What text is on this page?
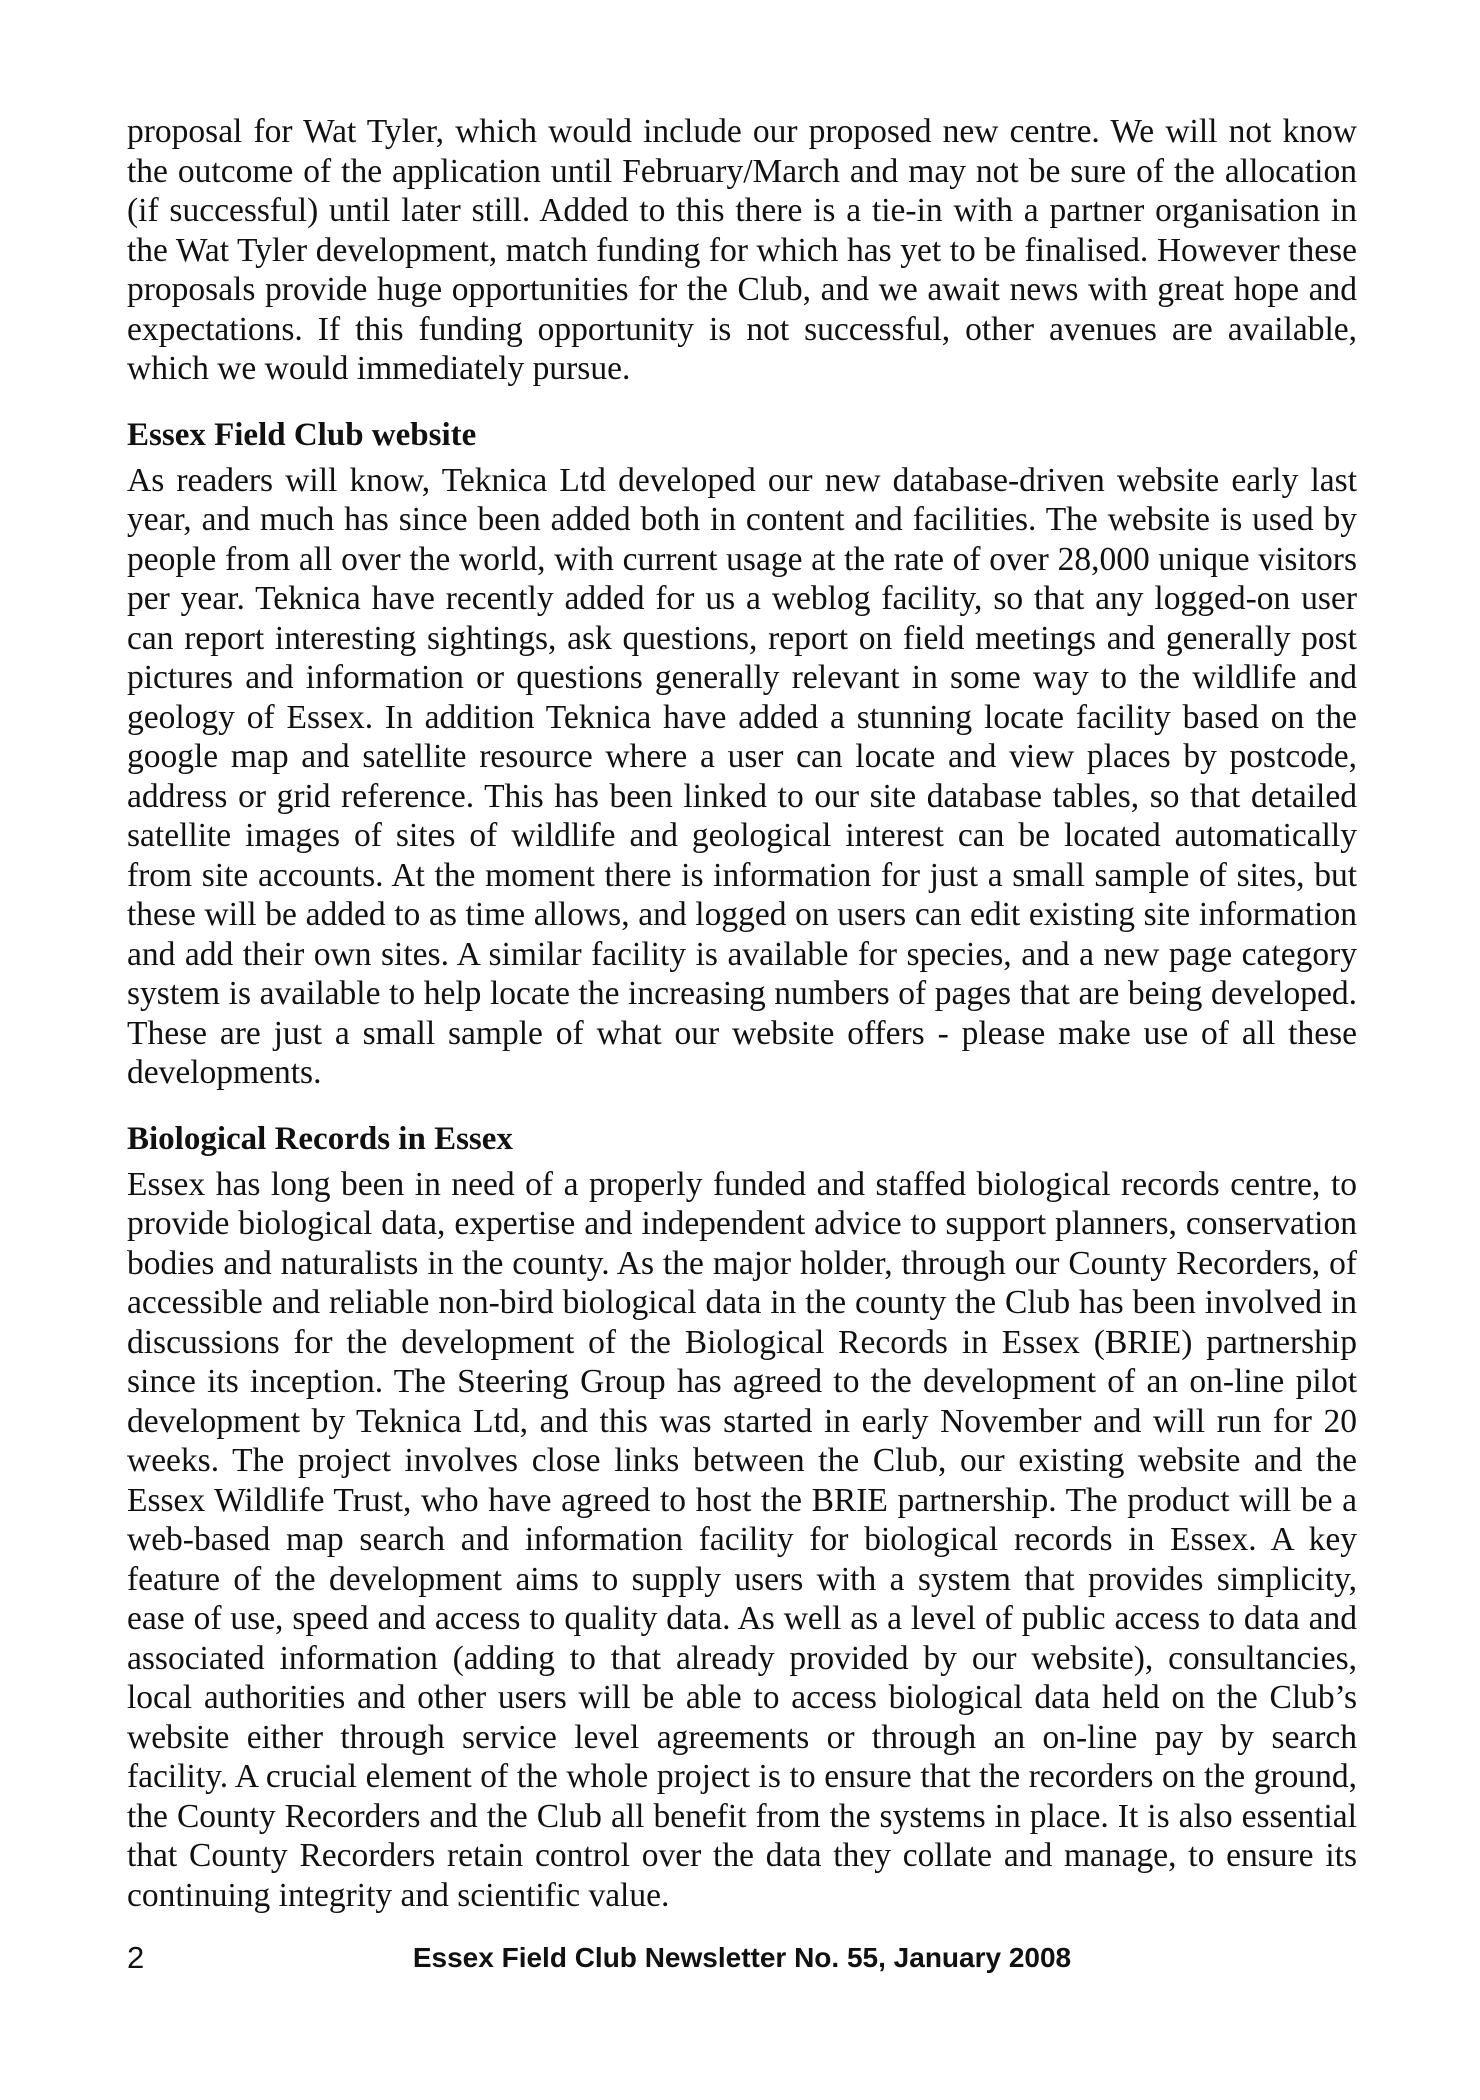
proposal for Wat Tyler, which would include our proposed new centre. We will not know the outcome of the application until February/March and may not be sure of the allocation (if successful) until later still. Added to this there is a tie-in with a partner organisation in the Wat Tyler development, match funding for which has yet to be finalised. However these proposals provide huge opportunities for the Club, and we await news with great hope and expectations. If this funding opportunity is not successful, other avenues are available, which we would immediately pursue.

Essex Field Club website

As readers will know, Teknica Ltd developed our new database-driven website early last year, and much has since been added both in content and facilities. The website is used by people from all over the world, with current usage at the rate of over 28,000 unique visitors per year. Teknica have recently added for us a weblog facility, so that any logged-on user can report interesting sightings, ask questions, report on field meetings and generally post pictures and information or questions generally relevant in some way to the wildlife and geology of Essex. In addition Teknica have added a stunning locate facility based on the google map and satellite resource where a user can locate and view places by postcode, address or grid reference. This has been linked to our site database tables, so that detailed satellite images of sites of wildlife and geological interest can be located automatically from site accounts. At the moment there is information for just a small sample of sites, but these will be added to as time allows, and logged on users can edit existing site information and add their own sites. A similar facility is available for species, and a new page category system is available to help locate the increasing numbers of pages that are being developed. These are just a small sample of what our website offers - please make use of all these developments.

Biological Records in Essex

Essex has long been in need of a properly funded and staffed biological records centre, to provide biological data, expertise and independent advice to support planners, conservation bodies and naturalists in the county. As the major holder, through our County Recorders, of accessible and reliable non-bird biological data in the county the Club has been involved in discussions for the development of the Biological Records in Essex (BRIE) partnership since its inception. The Steering Group has agreed to the development of an on-line pilot development by Teknica Ltd, and this was started in early November and will run for 20 weeks. The project involves close links between the Club, our existing website and the Essex Wildlife Trust, who have agreed to host the BRIE partnership. The product will be a web-based map search and information facility for biological records in Essex. A key feature of the development aims to supply users with a system that provides simplicity, ease of use, speed and access to quality data. As well as a level of public access to data and associated information (adding to that already provided by our website), consultancies, local authorities and other users will be able to access biological data held on the Club’s website either through service level agreements or through an on-line pay by search facility. A crucial element of the whole project is to ensure that the recorders on the ground, the County Recorders and the Club all benefit from the systems in place. It is also essential that County Recorders retain control over the data they collate and manage, to ensure its continuing integrity and scientific value.

2	Essex Field Club Newsletter No. 55, January 2008
